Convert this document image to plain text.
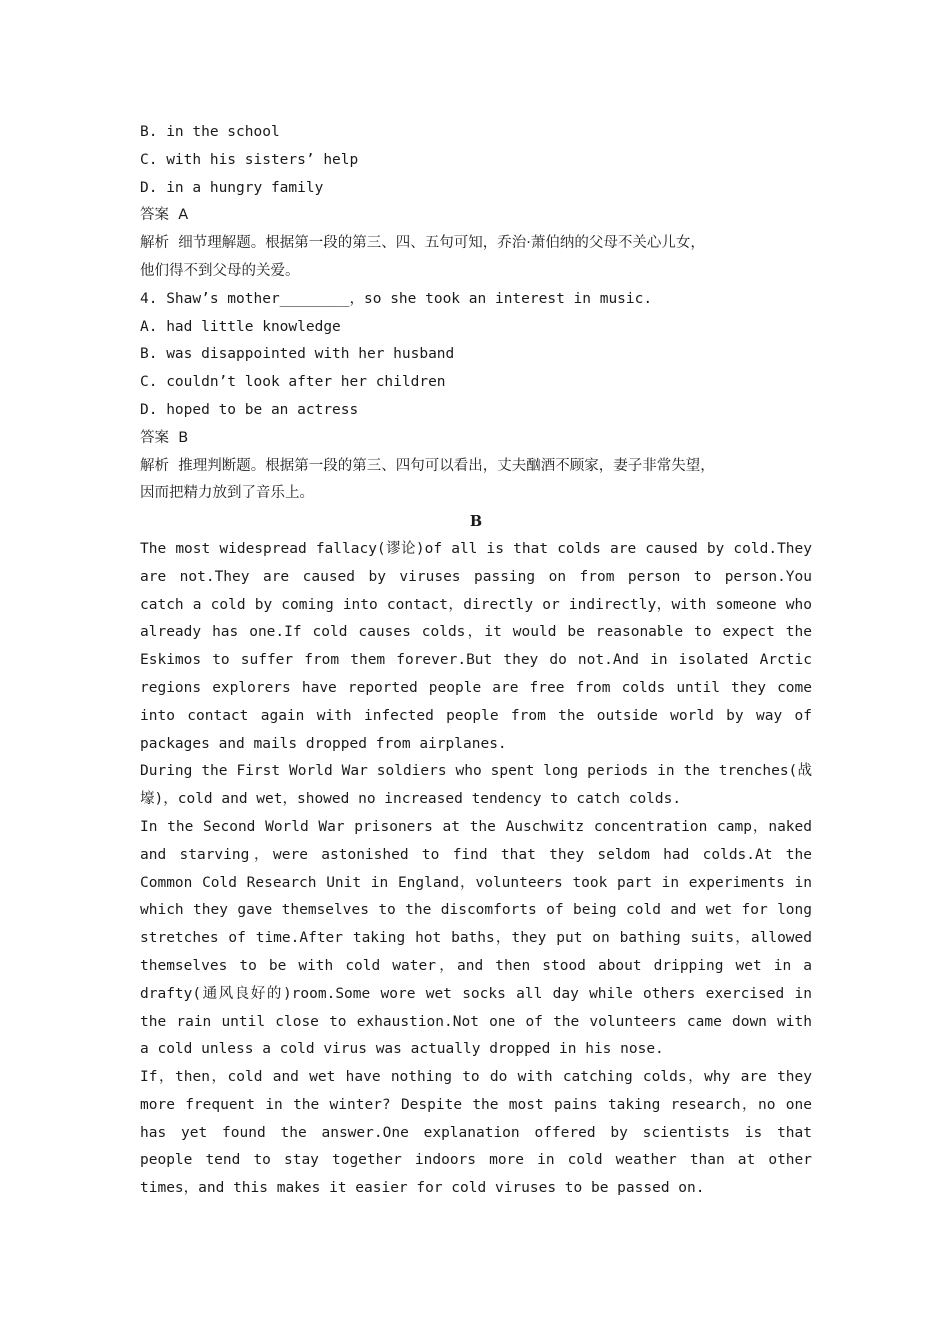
B. in the school
C. with his sisters’ help
D. in a hungry family
答案  A
解析  细节理解题。根据第一段的第三、四、五句可知，乔治·萧伯纳的父母不关心儿女，
他们得不到父母的关爱。
4. Shaw’s mother________，so she took an interest in music.
A. had little knowledge
B. was disappointed with her husband
C. couldn’t look after her children
D. hoped to be an actress
答案  B
解析  推理判断题。根据第一段的第三、四句可以看出，丈夫酗酒不顾家，妻子非常失望，
因而把精力放到了音乐上。
B
The most widespread fallacy(谬论)of all is that colds are caused by cold.They are not.They are caused by viruses passing on from person to person.You catch a cold by coming into contact，directly or indirectly，with someone who already has one.If cold causes colds，it would be reasonable to expect the Eskimos to suffer from them forever.But they do not.And in isolated Arctic regions explorers have reported people are free from colds until they come into contact again with infected people from the outside world by way of packages and mails dropped from airplanes.
During the First World War soldiers who spent long periods in the trenches(战壕)，cold and wet，showed no increased tendency to catch colds.
In the Second World War prisoners at the Auschwitz concentration camp，naked and starving，were astonished to find that they seldom had colds.At the Common Cold Research Unit in England，volunteers took part in experiments in which they gave themselves to the discomforts of being cold and wet for long stretches of time.After taking hot baths，they put on bathing suits，allowed themselves to be with cold water，and then stood about dripping wet in a drafty(通风良好的)room.Some wore wet socks all day while others exercised in the rain until close to exhaustion.Not one of the volunteers came down with a cold unless a cold virus was actually dropped in his nose.
If，then，cold and wet have nothing to do with catching colds，why are they more frequent in the winter? Despite the most pains taking research，no one has yet found the answer.One explanation offered by scientists is that people tend to stay together indoors more in cold weather than at other times，and this makes it easier for cold viruses to be passed on.
